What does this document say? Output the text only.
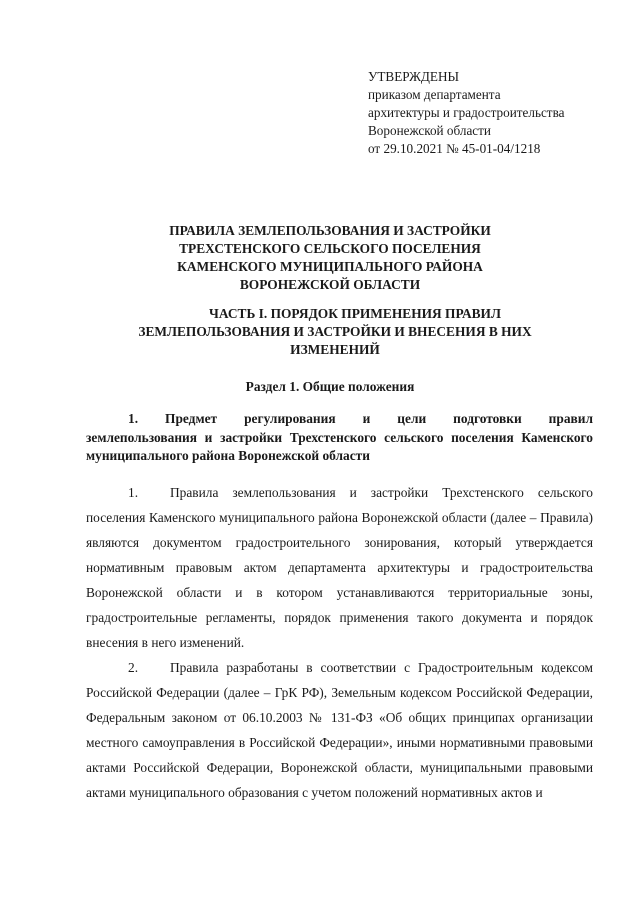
УТВЕРЖДЕНЫ
приказом департамента
архитектуры и градостроительства
Воронежской области
от 29.10.2021 № 45-01-04/1218
ПРАВИЛА ЗЕМЛЕПОЛЬЗОВАНИЯ И ЗАСТРОЙКИ
ТРЕХСТЕНСКОГО СЕЛЬСКОГО ПОСЕЛЕНИЯ
КАМЕНСКОГО МУНИЦИПАЛЬНОГО РАЙОНА
ВОРОНЕЖСКОЙ ОБЛАСТИ
ЧАСТЬ I. ПОРЯДОК ПРИМЕНЕНИЯ ПРАВИЛ
ЗЕМЛЕПОЛЬЗОВАНИЯ И ЗАСТРОЙКИ И ВНЕСЕНИЯ В НИХ
ИЗМЕНЕНИЙ
Раздел 1. Общие положения
1. Предмет регулирования и цели подготовки правил
землепользования и застройки Трехстенского сельского поселения Каменского муниципального района Воронежской области
1. Правила землепользования и застройки Трехстенского сельского поселения Каменского муниципального района Воронежской области (далее – Правила) являются документом градостроительного зонирования, который утверждается нормативным правовым актом департамента архитектуры и градостроительства Воронежской области и в котором устанавливаются территориальные зоны, градостроительные регламенты, порядок применения такого документа и порядок внесения в него изменений.
2. Правила разработаны в соответствии с Градостроительным кодексом Российской Федерации (далее – ГрК РФ), Земельным кодексом Российской Федерации, Федеральным законом от 06.10.2003 № 131-ФЗ «Об общих принципах организации местного самоуправления в Российской Федерации», иными нормативными правовыми актами Российской Федерации, Воронежской области, муниципальными правовыми актами муниципального образования с учетом положений нормативных актов и
